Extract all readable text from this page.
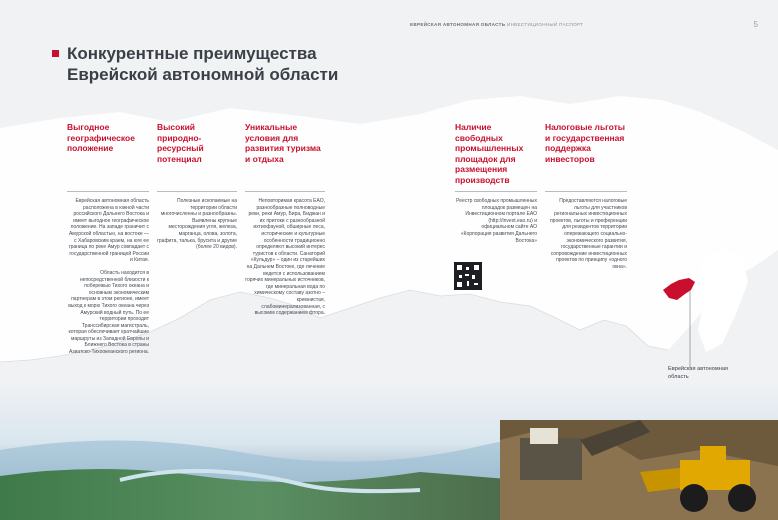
ЕВРЕЙСКАЯ АВТОНОМНАЯ ОБЛАСТЬ ИНВЕСТИЦИОННЫЙ ПАСПОРТ	5
Конкурентные преимущества
Еврейской автономной области
Выгодное географическое положение

Еврейская автономная область расположена в южной части российского Дальнего Востока и имеет выгодное географическое положение. На западе граничит с Амурской областью, на востоке — с Хабаровским краем, на юге ее граница по реке Амур совпадает с государственной границей России и Китая.

Область находится в непосредственной близости к побережью Тихого океана и основным экономическим партнерам в этом регионе, имеет выход к морю Тихого океана через Амурский водный путь. По ее территории проходит Транссибирская магистраль, которая обеспечивает кратчайшие маршруты из Западной Европы и Ближнего Востока в страны Азиатско-Тихоокеанского региона.

Высокий природно-ресурсный потенциал

Полезные ископаемые на территории области многочисленны и разнообразны. Выявлены крупные месторождения угля, железа, марганца, олова, золота, графита, талька, брусита и другие (более 20 видов).

Уникальные условия для развития туризма и отдыха

Неповторимая красота ЕАО, разнообразные полноводные реки, реки Амур, Бира, Биджан и их притоки с разнообразной ихтиофауной, обширные леса, исторические и культурные особенности традиционно определяют высокий интерес туристов к области. Санаторий «Кульдур» – один из старейших на Дальнем Востоке, где лечение ведется с использованием горячих минеральных источников, где минеральная вода по химическому составу азотно – кремнистая, слабоминерализованная, с высоким содержанием фтора.

Наличие свободных промышленных площадок для размещения производств

Реестр свободных промышленных площадок размещен на Инвестиционном портале ЕАО (http://invest.eao.ru) и официальном сайте АО «Корпорация развития Дальнего Востока»

Налоговые льготы и государственная поддержка инвесторов

Предоставляются налоговые льготы для участников региональных инвестиционных проектов, льготы и преференции для резидентов территории опережающего социально-экономического развития, государственные гарантии и сопровождение инвестиционных проектов по принципу «одного окна».

Еврейская автономная область
